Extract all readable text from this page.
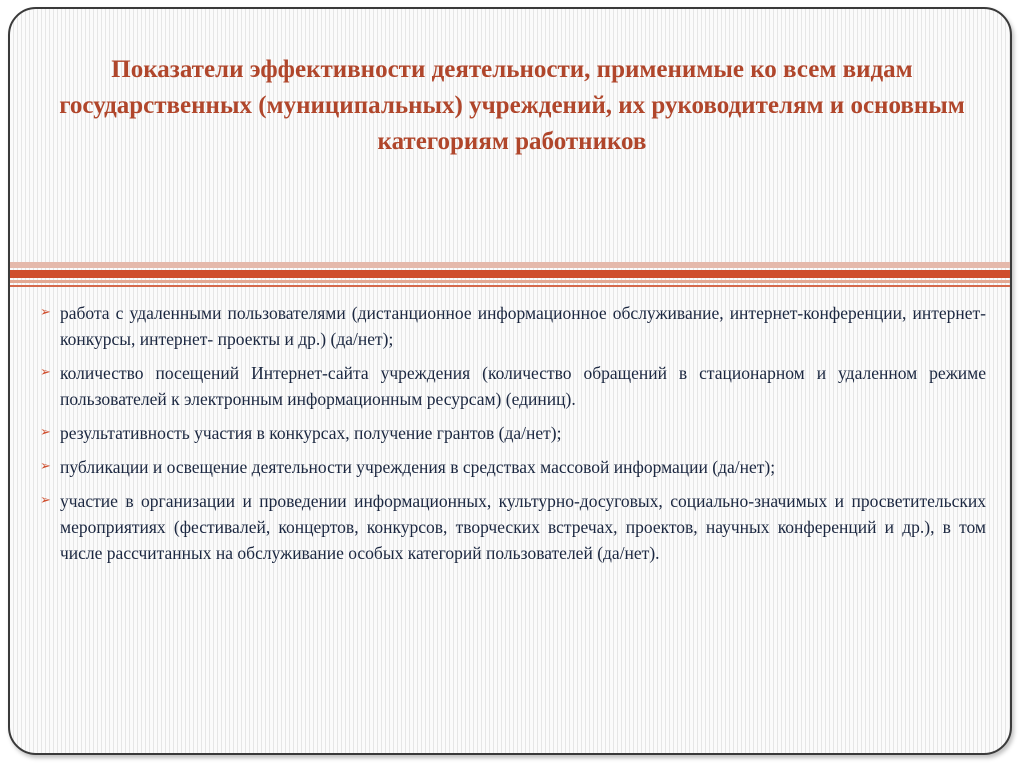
Показатели эффективности деятельности, применимые ко всем видам государственных (муниципальных) учреждений, их руководителям и основным категориям работников
➢ работа с удаленными пользователями (дистанционное информационное обслуживание, интернет-конференции, интернет-конкурсы, интернет- проекты и др.) (да/нет);
➢ количество посещений Интернет-сайта учреждения (количество обращений в стационарном и удаленном режиме пользователей к электронным информационным ресурсам) (единиц).
➢ результативность участия в конкурсах, получение грантов (да/нет);
➢ публикации и освещение деятельности учреждения в средствах массовой информации (да/нет);
➢ участие в организации и проведении информационных, культурно-досуговых, социально-значимых и просветительских мероприятиях (фестивалей, концертов, конкурсов, творческих встречах, проектов, научных конференций и др.), в том числе рассчитанных на обслуживание особых категорий пользователей (да/нет).
